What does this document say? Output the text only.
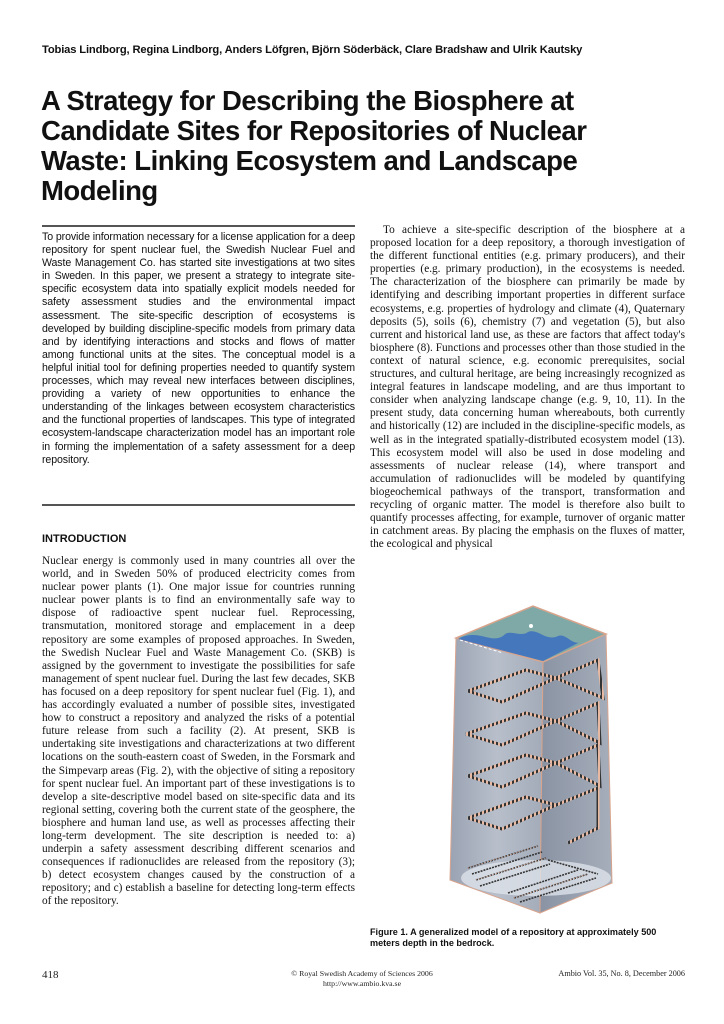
Tobias Lindborg, Regina Lindborg, Anders Löfgren, Björn Söderbäck, Clare Bradshaw and Ulrik Kautsky
A Strategy for Describing the Biosphere at
Candidate Sites for Repositories of Nuclear
Waste: Linking Ecosystem and Landscape
Modeling
To provide information necessary for a license application for a deep repository for spent nuclear fuel, the Swedish Nuclear Fuel and Waste Management Co. has started site investigations at two sites in Sweden. In this paper, we present a strategy to integrate site-specific ecosystem data into spatially explicit models needed for safety assessment studies and the environmental impact assessment. The site-specific description of ecosystems is developed by building discipline-specific models from primary data and by identifying interactions and stocks and flows of matter among functional units at the sites. The conceptual model is a helpful initial tool for defining properties needed to quantify system processes, which may reveal new interfaces between disciplines, providing a variety of new opportunities to enhance the understanding of the linkages between ecosystem characteristics and the functional properties of landscapes. This type of integrated ecosystem-landscape characterization model has an important role in forming the implementation of a safety assessment for a deep repository.
INTRODUCTION

Nuclear energy is commonly used in many countries all over the world, and in Sweden 50% of produced electricity comes from nuclear power plants (1). One major issue for countries running nuclear power plants is to find an environmentally safe way to dispose of radioactive spent nuclear fuel. Reprocessing, transmutation, monitored storage and emplacement in a deep repository are some examples of proposed approaches. In Sweden, the Swedish Nuclear Fuel and Waste Management Co. (SKB) is assigned by the government to investigate the possibilities for safe management of spent nuclear fuel. During the last few decades, SKB has focused on a deep repository for spent nuclear fuel (Fig. 1), and has accordingly evaluated a number of possible sites, investigated how to construct a repository and analyzed the risks of a potential future release from such a facility (2). At present, SKB is undertaking site investigations and characterizations at two different locations on the south-eastern coast of Sweden, in the Forsmark and the Simpevarp areas (Fig. 2), with the objective of siting a repository for spent nuclear fuel. An important part of these investigations is to develop a site-descriptive model based on site-specific data and its regional setting, covering both the current state of the geosphere, the biosphere and human land use, as well as processes affecting their long-term development. The site description is needed to: a) underpin a safety assessment describing different scenarios and consequences if radionuclides are released from the repository (3); b) detect ecosystem changes caused by the construction of a repository; and c) establish a baseline for detecting long-term effects of the repository.

To achieve a site-specific description of the biosphere at a proposed location for a deep repository, a thorough investigation of the different functional entities (e.g. primary producers), and their properties (e.g. primary production), in the ecosystems is needed. The characterization of the biosphere can primarily be made by identifying and describing important properties in different surface ecosystems, e.g. properties of hydrology and climate (4), Quaternary deposits (5), soils (6), chemistry (7) and vegetation (5), but also current and historical land use, as these are factors that affect today's biosphere (8). Functions and processes other than those studied in the context of natural science, e.g. economic prerequisites, social structures, and cultural heritage, are being increasingly recognized as integral features in landscape modeling, and are thus important to consider when analyzing landscape change (e.g. 9, 10, 11). In the present study, data concerning human whereabouts, both currently and historically (12) are included in the discipline-specific models, as well as in the integrated spatially-distributed ecosystem model (13). This ecosystem model will also be used in dose modeling and assessments of nuclear release (14), where transport and accumulation of radionuclides will be modeled by quantifying biogeochemical pathways of the transport, transformation and recycling of organic matter. The model is therefore also built to quantify processes affecting, for example, turnover of organic matter in catchment areas. By placing the emphasis on the fluxes of matter, the ecological and physical

Figure 1. A generalized model of a repository at approximately 500 meters depth in the bedrock.
418	© Royal Swedish Academy of Sciences 2006
http://www.ambio.kva.se
Ambio Vol. 35, No. 8, December 2006
